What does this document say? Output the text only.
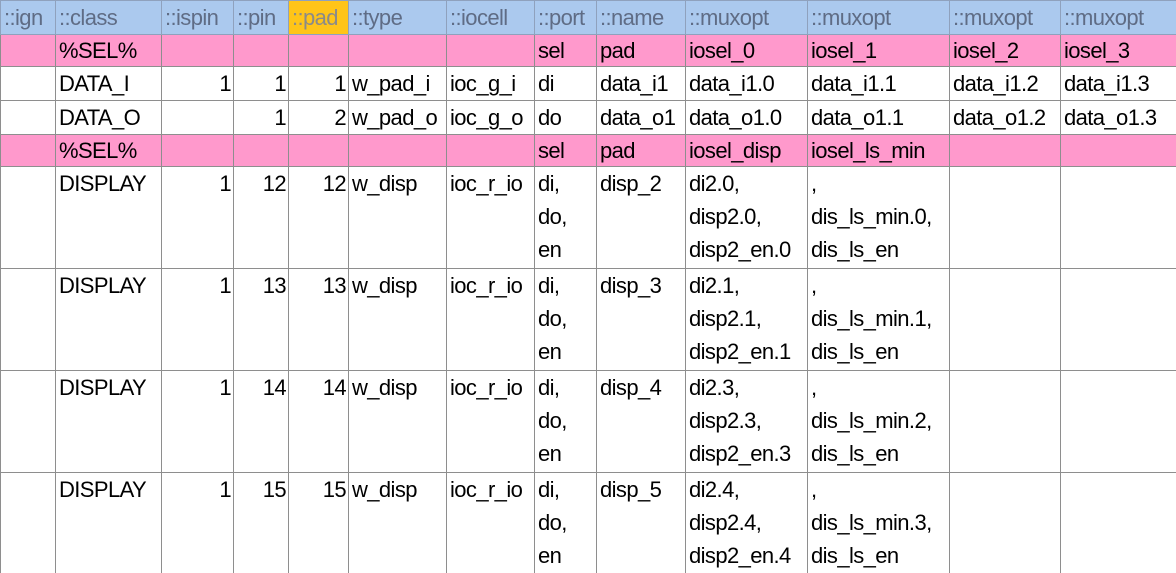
::ign	::class	::ispin	::pin	::pad	::type	::iocell	::port	::name	::muxopt	::muxopt	::muxopt	::muxopt
	%SEL%						sel	pad	iosel_0	iosel_1	iosel_2	iosel_3
	DATA_I	1	1	1	w_pad_i	ioc_g_i	di	data_i1	data_i1.0	data_i1.1	data_i1.2	data_i1.3
	DATA_O		1	2	w_pad_o	ioc_g_o	do	data_o1	data_o1.0	data_o1.1	data_o1.2	data_o1.3
	%SEL%						sel	pad	iosel_disp	iosel_ls_min		
	DISPLAY	1	12	12	w_disp	ioc_r_io	di,
do,
en	disp_2	di2.0,
disp2.0,
disp2_en.0	,
dis_ls_min.0,
dis_ls_en		

	DISPLAY	1	13	13	w_disp	ioc_r_io	di,
do,
en	disp_3	di2.1,
disp2.1,
disp2_en.1	,
dis_ls_min.1,
dis_ls_en		

	DISPLAY	1	14	14	w_disp	ioc_r_io	di,
do,
en	disp_4	di2.3,
disp2.3,
disp2_en.3	,
dis_ls_min.2,
dis_ls_en		

	DISPLAY	1	15	15	w_disp	ioc_r_io	di,
do,
en	disp_5	di2.4,
disp2.4,
disp2_en.4	,
dis_ls_min.3,
dis_ls_en		
